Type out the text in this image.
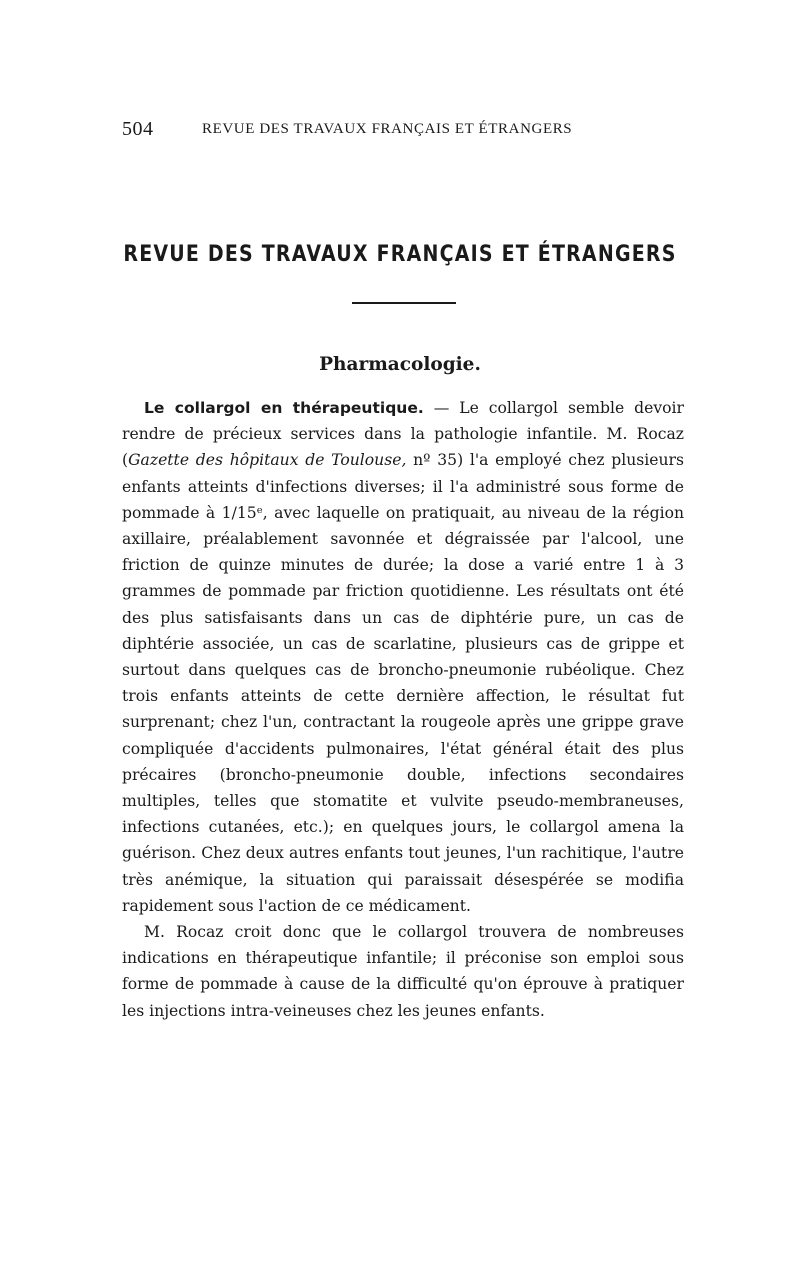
504	REVUE DES TRAVAUX FRANÇAIS ET ÉTRANGERS
REVUE DES TRAVAUX FRANÇAIS ET ÉTRANGERS
Pharmacologie.

Le collargol en thérapeutique. — Le collargol semble devoir rendre de précieux services dans la pathologie infantile. M. Rocaz (Gazette des hôpitaux de Toulouse, nº 35) l'a employé chez plusieurs enfants atteints d'infections diverses; il l'a administré sous forme de pommade à 1/15ᵉ, avec laquelle on pratiquait, au niveau de la région axillaire, préalablement savonnée et dégraissée par l'alcool, une friction de quinze minutes de durée; la dose a varié entre 1 à 3 grammes de pommade par friction quotidienne. Les résultats ont été des plus satisfaisants dans un cas de diphtérie pure, un cas de diphtérie associée, un cas de scarlatine, plusieurs cas de grippe et surtout dans quelques cas de broncho-pneumonie rubéolique. Chez trois enfants atteints de cette dernière affection, le résultat fut surprenant; chez l'un, contractant la rougeole après une grippe grave compliquée d'accidents pulmonaires, l'état général était des plus précaires (broncho-pneumonie double, infections secondaires multiples, telles que stomatite et vulvite pseudo-membraneuses, infections cutanées, etc.); en quelques jours, le collargol amena la guérison. Chez deux autres enfants tout jeunes, l'un rachitique, l'autre très anémique, la situation qui paraissait désespérée se modifia rapidement sous l'action de ce médicament.

M. Rocaz croit donc que le collargol trouvera de nombreuses indications en thérapeutique infantile; il préconise son emploi sous forme de pommade à cause de la difficulté qu'on éprouve à pratiquer les injections intra-veineuses chez les jeunes enfants.
